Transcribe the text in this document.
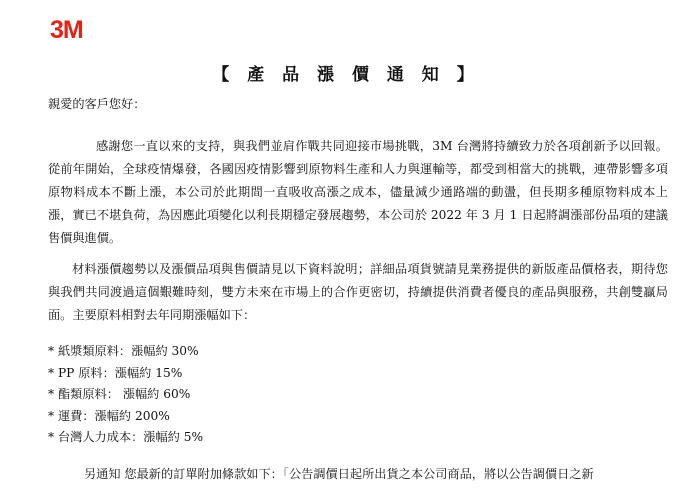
3M
【 產 品 漲 價 通 知 】
親愛的客戶您好：
感謝您一直以來的支持，與我們並肩作戰共同迎接市場挑戰，3M 台灣將持續致力於各項創新予以回報。從前年開始，全球疫情爆發，各國因疫情影響到原物料生產和人力與運輸等，都受到相當大的挑戰，連帶影響多項原物料成本不斷上漲，本公司於此期間一直吸收高漲之成本，儘量減少通路端的動盪，但長期多種原物料成本上漲，實已不堪負荷，為因應此項變化以利長期穩定發展趨勢，本公司於 2022 年 3 月 1 日起將調漲部份品項的建議售價與進價。
材料漲價趨勢以及漲價品項與售價請見以下資料說明；詳細品項貨號請見業務提供的新版產品價格表，期待您與我們共同渡過這個艱難時刻，雙方未來在市場上的合作更密切，持續提供消費者優良的產品與服務，共創雙贏局面。主要原料相對去年同期漲幅如下：
* 紙漿類原料：漲幅約 30%
* PP 原料：漲幅約 15%
* 酯類原料： 漲幅約 60%
* 運費：漲幅約 200%
* 台灣人力成本：漲幅約 5%
另通知 您最新的訂單附加條款如下：「公告調價日起所出貨之本公司商品，將以公告調價日之新
